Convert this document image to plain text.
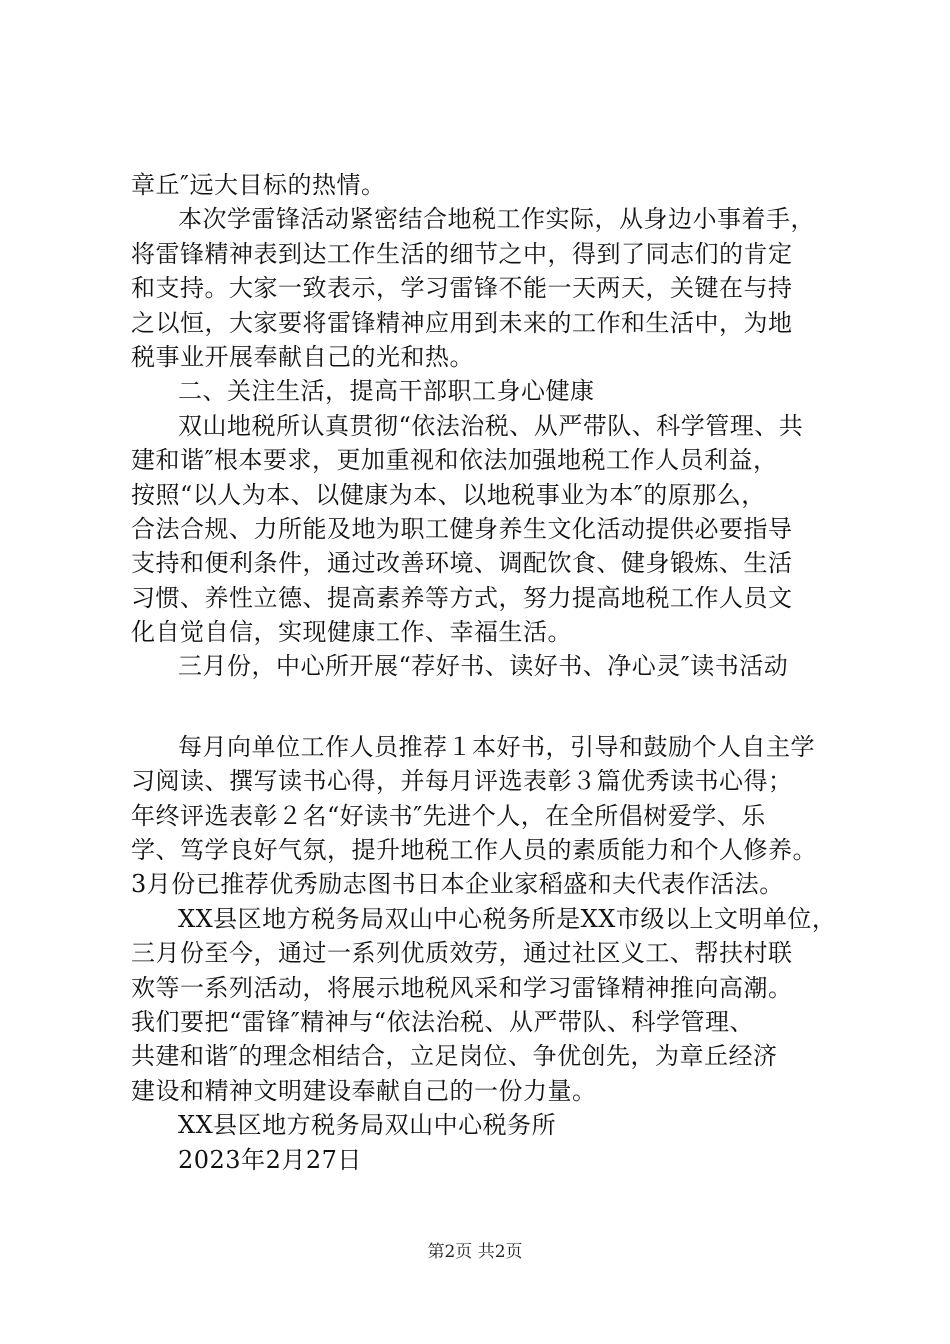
章丘″远大目标的热情。
本次学雷锋活动紧密结合地税工作实际，从身边小事着手，
将雷锋精神表到达工作生活的细节之中，得到了同志们的肯定
和支持。大家一致表示，学习雷锋不能一天两天，关键在与持
之以恒，大家要将雷锋精神应用到未来的工作和生活中，为地
税事业开展奉献自己的光和热。
二、关注生活，提高干部职工身心健康
双山地税所认真贯彻“依法治税、从严带队、科学管理、共
建和谐″根本要求，更加重视和依法加强地税工作人员利益，
按照“以人为本、以健康为本、以地税事业为本″的原那么，
合法合规、力所能及地为职工健身养生文化活动提供必要指导
支持和便利条件，通过改善环境、调配饮食、健身锻炼、生活
习惯、养性立德、提高素养等方式，努力提高地税工作人员文
化自觉自信，实现健康工作、幸福生活。
三月份，中心所开展“荐好书、读好书、净心灵″读书活动
每月向单位工作人员推荐１本好书，引导和鼓励个人自主学
习阅读、撰写读书心得，并每月评选表彰３篇优秀读书心得；
年终评选表彰２名“好读书″先进个人，在全所倡树爱学、乐
学、笃学良好气氛，提升地税工作人员的素质能力和个人修养。
3月份已推荐优秀励志图书日本企业家稻盛和夫代表作活法。
XX县区地方税务局双山中心税务所是XX市级以上文明单位，
三月份至今，通过一系列优质效劳，通过社区义工、帮扶村联
欢等一系列活动，将展示地税风采和学习雷锋精神推向高潮。
我们要把“雷锋″精神与“依法治税、从严带队、科学管理、
共建和谐″的理念相结合，立足岗位、争优创先，为章丘经济
建设和精神文明建设奉献自己的一份力量。
XX县区地方税务局双山中心税务所
2023年2月27日
第2页 共2页
